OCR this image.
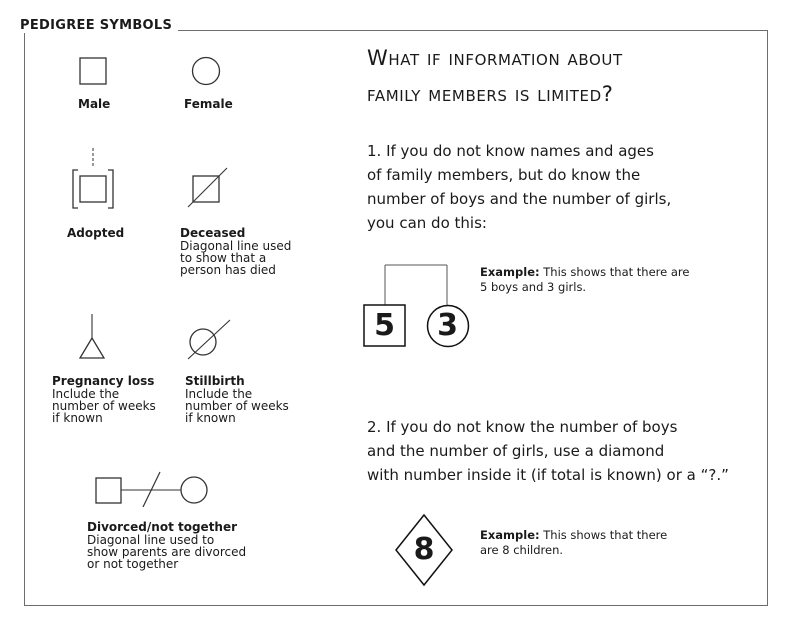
PEDIGREE SYMBOLS
Male	Female
Adopted	Deceased
Diagonal line used
to show that a
person has died
Pregnancy loss
Include the
number of weeks
if known
Stillbirth
Include the
number of weeks
if known
Divorced/not together
Diagonal line used to
show parents are divorced
or not together
What if information about
family members is limited?
1. If you do not know names and ages
of family members, but do know the
number of boys and the number of girls,
you can do this:
5	3
Example: This shows that there are
5 boys and 3 girls.
2. If you do not know the number of boys
and the number of girls, use a diamond
with number inside it (if total is known) or a “?.”
8	Example: This shows that there
are 8 children.
